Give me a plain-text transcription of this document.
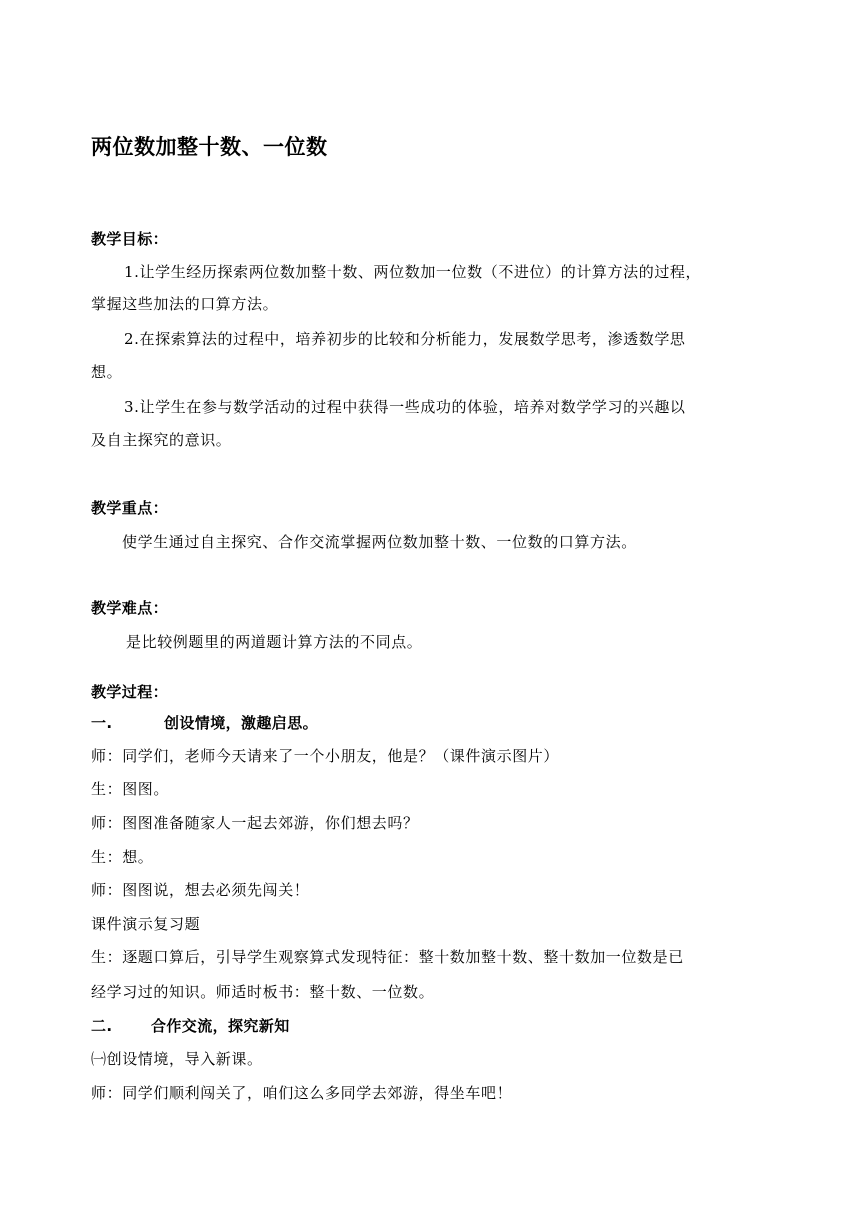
两位数加整十数、一位数
教学目标：
1.让学生经历探索两位数加整十数、两位数加一位数（不进位）的计算方法的过程，
掌握这些加法的口算方法。
2.在探索算法的过程中，培养初步的比较和分析能力，发展数学思考，渗透数学思
想。
3.让学生在参与数学活动的过程中获得一些成功的体验，培养对数学学习的兴趣以
及自主探究的意识。
教学重点：
使学生通过自主探究、合作交流掌握两位数加整十数、一位数的口算方法。
教学难点：
是比较例题里的两道题计算方法的不同点。
教学过程：
一.	创设情境，激趣启思。
师：同学们，老师今天请来了一个小朋友，他是？（课件演示图片）
生：图图。
师：图图准备随家人一起去郊游，你们想去吗？
生：想。
师：图图说，想去必须先闯关！
课件演示复习题
生：逐题口算后，引导学生观察算式发现特征：整十数加整十数、整十数加一位数是已
经学习过的知识。师适时板书：整十数、一位数。
二.	合作交流，探究新知
㈠创设情境，导入新课。
师：同学们顺利闯关了，咱们这么多同学去郊游，得坐车吧！
